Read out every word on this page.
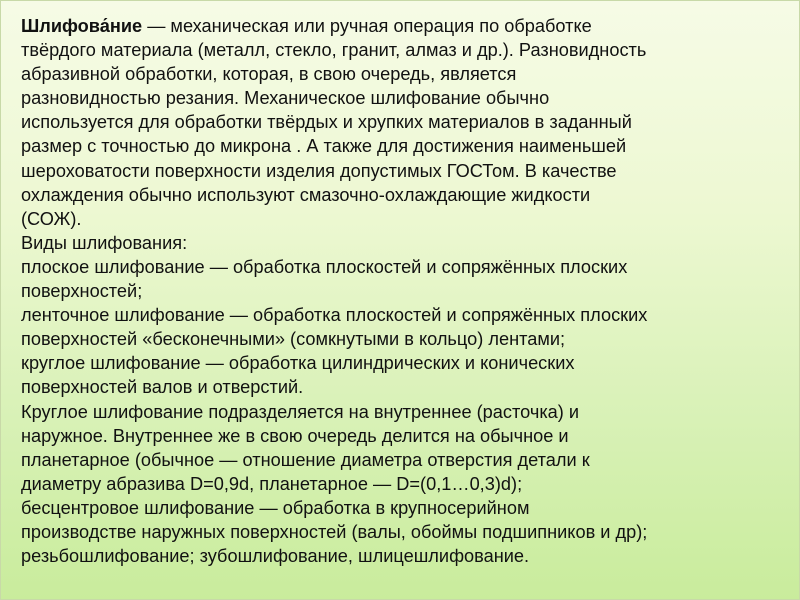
Шлифова́ние — механическая или ручная операция по обработке
твёрдого материала (металл, стекло, гранит, алмаз и др.). Разновидность
абразивной обработки, которая, в свою очередь, является
разновидностью резания. Механическое шлифование обычно
используется для обработки твёрдых и хрупких материалов в заданный
размер с точностью до микрона . А также для достижения наименьшей
шероховатости поверхности изделия допустимых ГОСТом. В качестве
охлаждения обычно используют смазочно-охлаждающие жидкости
(СОЖ).
Виды шлифования:
плоское шлифование — обработка плоскостей и сопряжённых плоских
поверхностей;
ленточное шлифование — обработка плоскостей и сопряжённых плоских
поверхностей «бесконечными» (сомкнутыми в кольцо) лентами;
круглое шлифование — обработка цилиндрических и конических
поверхностей валов и отверстий.
Круглое шлифование подразделяется на внутреннее (расточка) и
наружное. Внутреннее же в свою очередь делится на обычное и
планетарное (обычное — отношение диаметра отверстия детали к
диаметру абразива D=0,9d, планетарное — D=(0,1…0,3)d);
бесцентровое шлифование — обработка в крупносерийном
производстве наружных поверхностей (валы, обоймы подшипников и др);
резьбошлифование; зубошлифование, шлицешлифование.
